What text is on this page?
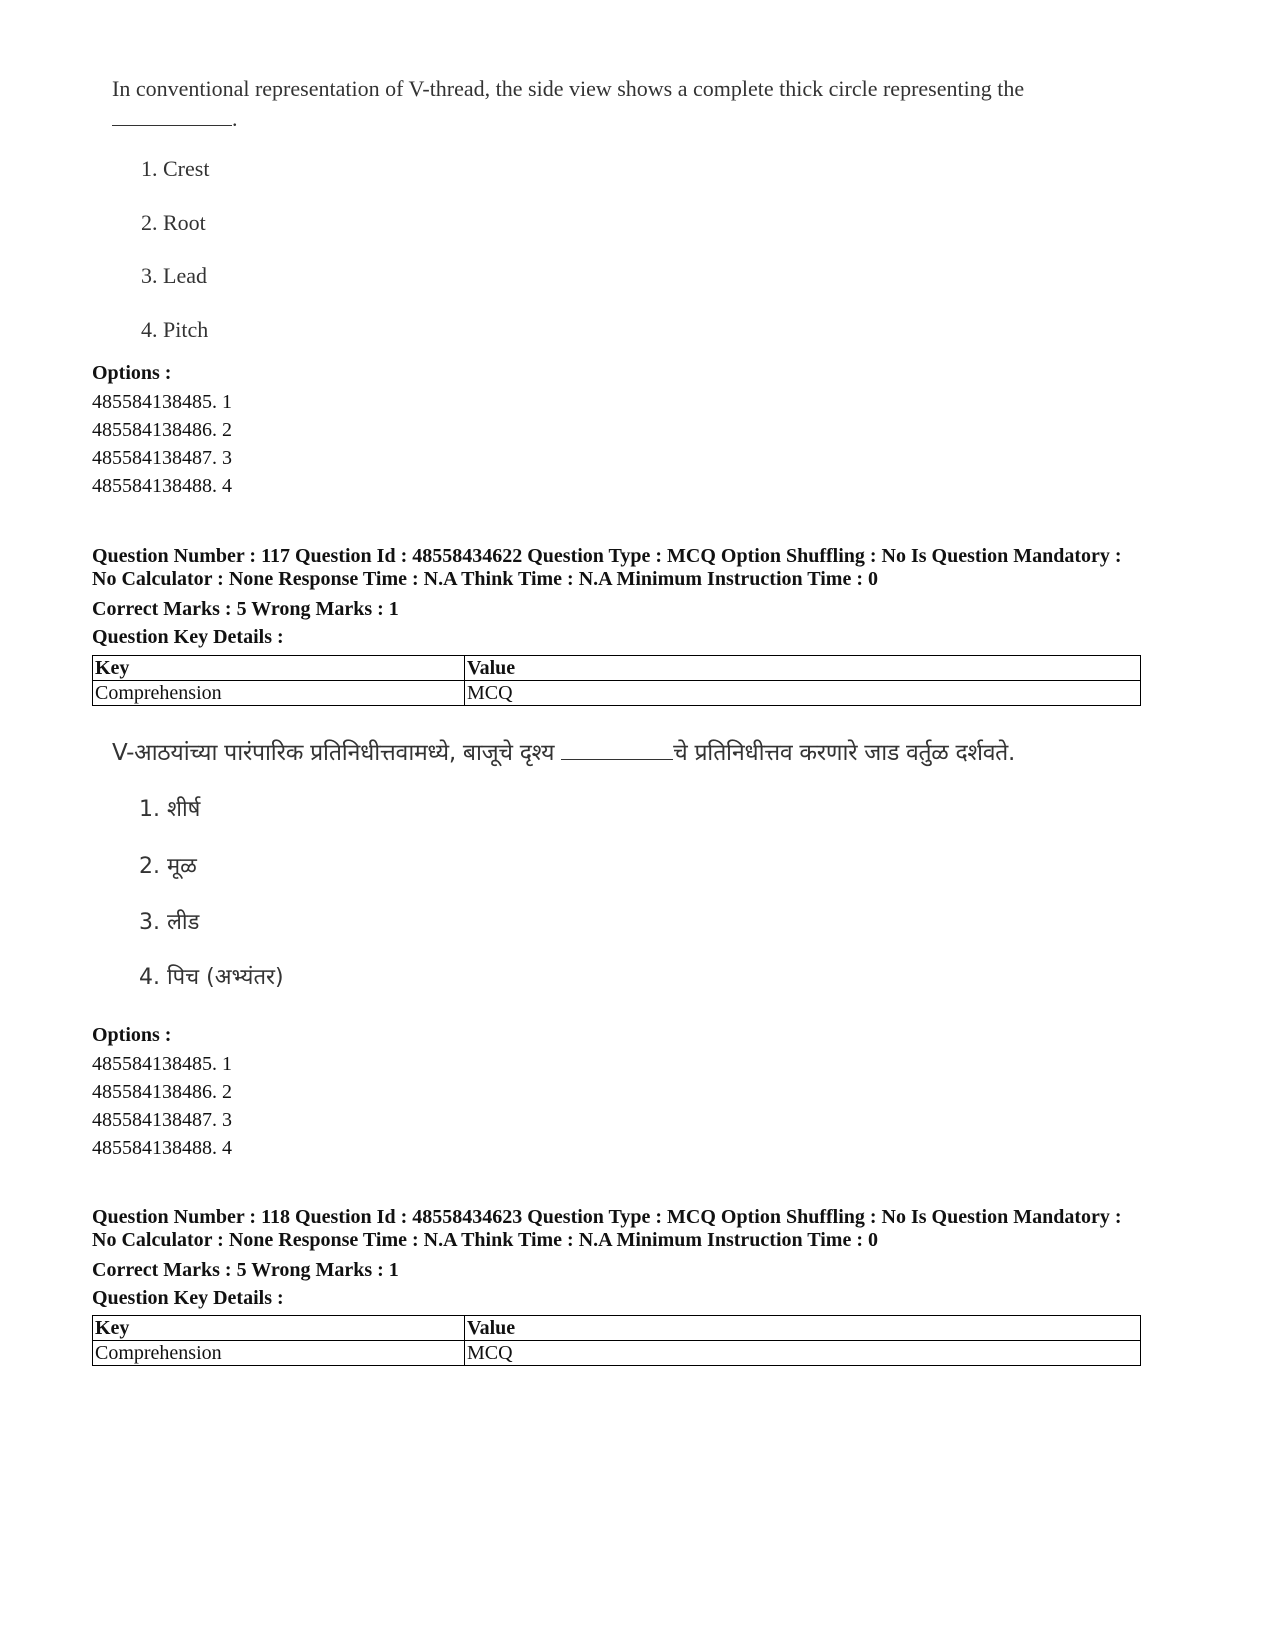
In conventional representation of V-thread, the side view shows a complete thick circle representing the
.
1. Crest
2. Root
3. Lead
4. Pitch
Options :
485584138485. 1
485584138486. 2
485584138487. 3
485584138488. 4
Question Number : 117 Question Id : 48558434622 Question Type : MCQ Option Shuffling : No Is Question Mandatory :
No Calculator : None Response Time : N.A Think Time : N.A Minimum Instruction Time : 0
Correct Marks : 5 Wrong Marks : 1
Question Key Details :
Key	Value
Comprehension	MCQ
V-आठयांच्या पारंपारिक प्रतिनिधीत्तवामध्ये, बाजूचे दृश्य	चे प्रतिनिधीत्तव करणारे जाड वर्तुळ दर्शवते.
1. शीर्ष
2. मूळ
3. लीड
4. पिच (अभ्यंतर)
Options :
485584138485. 1
485584138486. 2
485584138487. 3
485584138488. 4
Question Number : 118 Question Id : 48558434623 Question Type : MCQ Option Shuffling : No Is Question Mandatory :
No Calculator : None Response Time : N.A Think Time : N.A Minimum Instruction Time : 0
Correct Marks : 5 Wrong Marks : 1
Question Key Details :
Key	Value
Comprehension	MCQ
